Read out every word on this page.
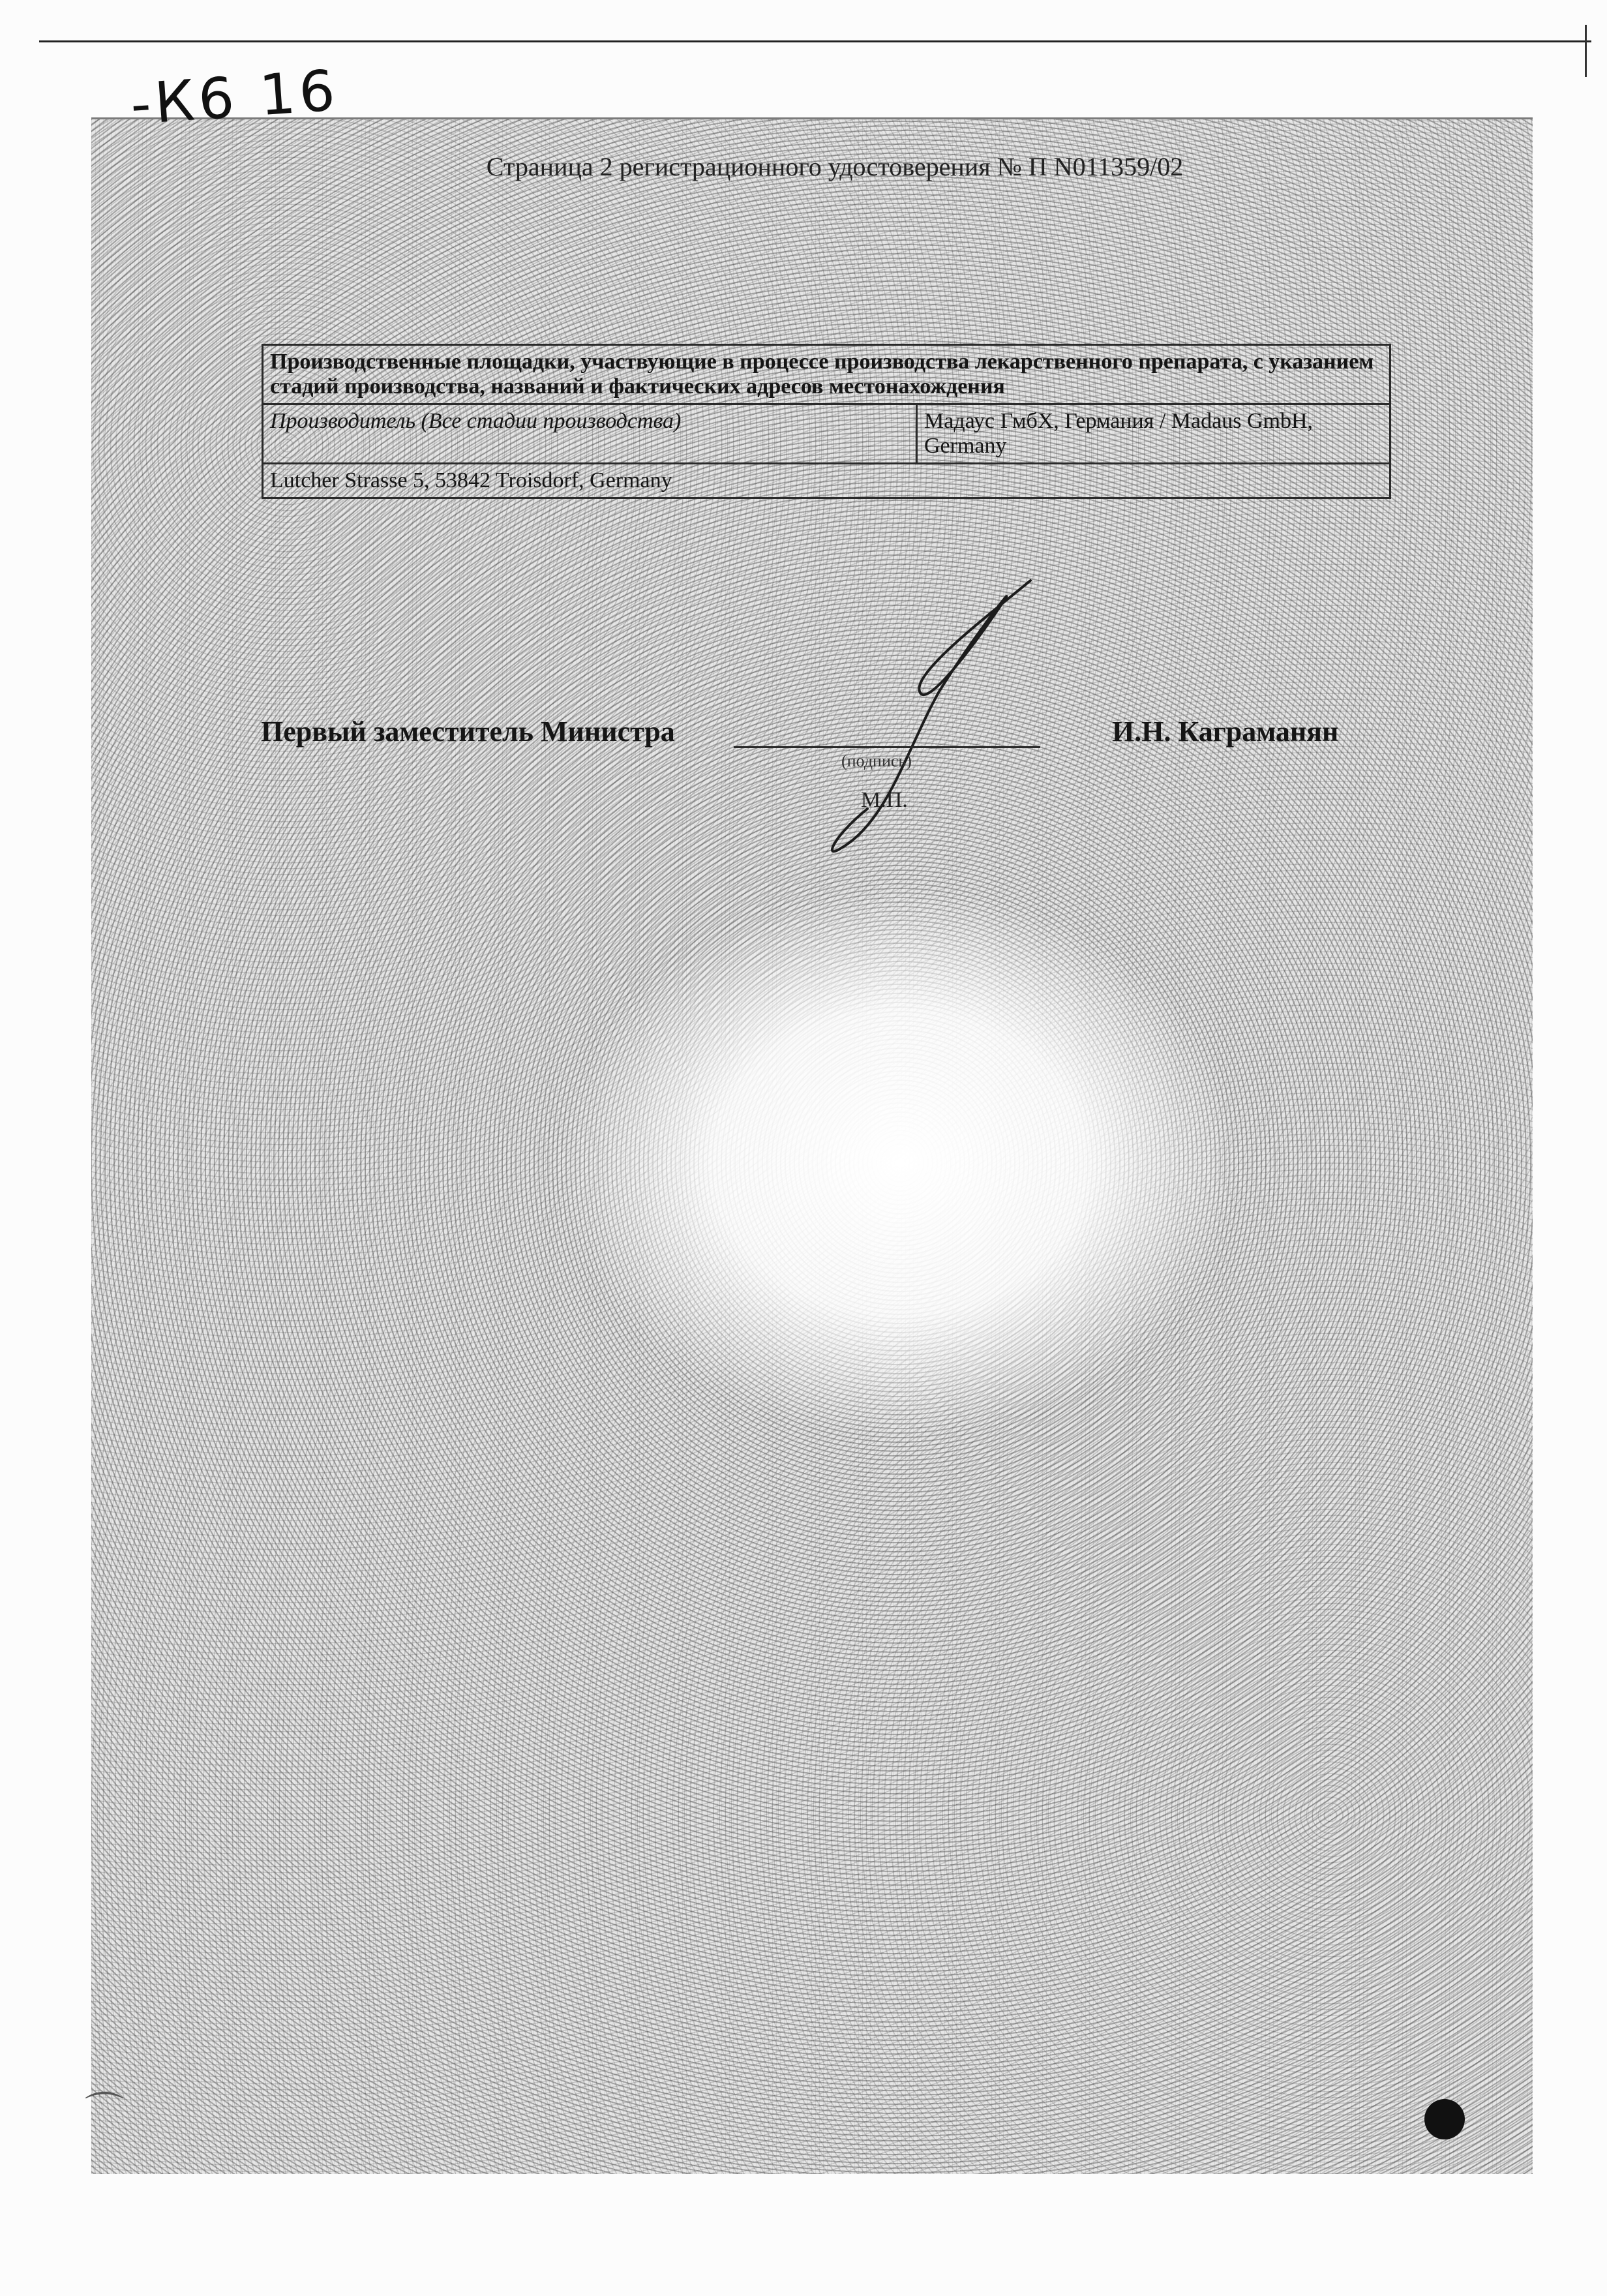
-К6 16
Страница 2 регистрационного удостоверения № П N011359/02
Производственные площадки, участвующие в процессе производства лекарственного препарата, с указанием стадий производства, названий и фактических адресов местонахождения
Производитель (Все стадии производства)	Мадаус ГмбХ, Германия / Madaus GmbH, Germany
Lutcher Strasse 5, 53842 Troisdorf, Germany
Первый заместитель Министра
(подпись)
М.П.
И.Н. Каграманян
⌒
